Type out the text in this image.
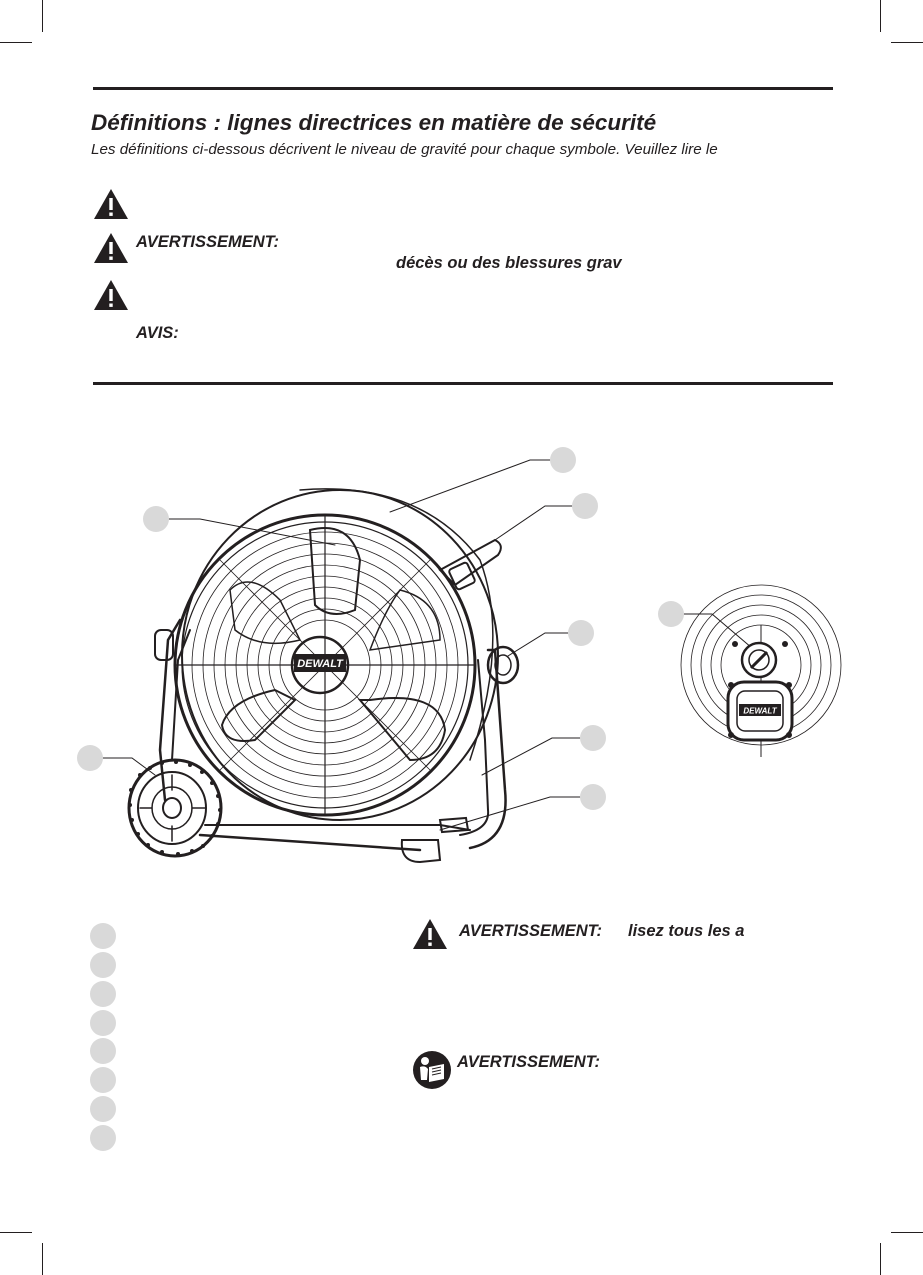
Définitions : lignes directrices en matière de sécurité
Les définitions ci-dessous décrivent le niveau de gravité pour chaque symbole. Veuillez lire le
AVERTISSEMENT:
décès ou des blessures grav
AVIS:
DEWALT
DEWALT
AVERTISSEMENT: lisez tous les a
AVERTISSEMENT:
